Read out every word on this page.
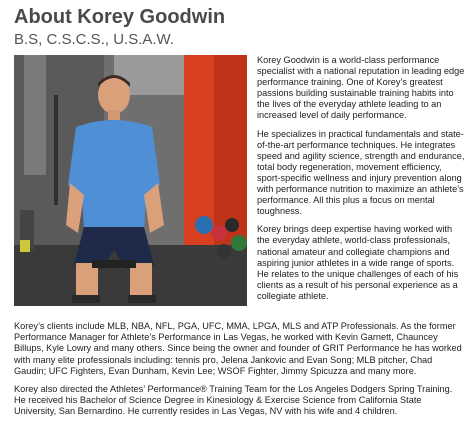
About Korey Goodwin
B.S, C.S.C.S., U.S.A.W.

Korey Goodwin is a world-class performance specialist with a national reputation in leading edge performance training. One of Korey’s greatest passions building sustainable training habits into the lives of the everyday athlete leading to an increased level of daily performance.

He specializes in practical fundamentals and state-of-the-art performance techniques. He integrates speed and agility science, strength and endurance, total body regeneration, movement efficiency, sport-specific wellness and injury prevention along with performance nutrition to maximize an athlete’s performance. All this plus a focus on mental toughness.

Korey brings deep expertise having worked with the everyday athlete, world-class professionals, national amateur and collegiate champions and aspiring junior athletes in a wide range of sports. He relates to the unique challenges of each of his clients as a result of his personal experience as a collegiate athlete.

Korey’s clients include MLB, NBA, NFL, PGA, UFC, MMA, LPGA, MLS and ATP Professionals. As the former Performance Manager for Athlete’s Performance in Las Vegas, he worked with Kevin Garnett, Chauncey Billups, Kyle Lowry and many others. Since being the owner and founder of GRIT Performance he has worked with many elite professionals including: tennis pro, Jelena Jankovic and Evan Song; MLB pitcher, Chad Gaudin; UFC Fighters, Evan Dunham, Kevin Lee; WSOF Fighter, Jimmy Spicuzza and many more.

Korey also directed the Athletes’ Performance® Training Team for the Los Angeles Dodgers Spring Training. He received his Bachelor of Science Degree in Kinesiology & Exercise Science from California State University, San Bernardino. He currently resides in Las Vegas, NV with his wife and 4 children.
